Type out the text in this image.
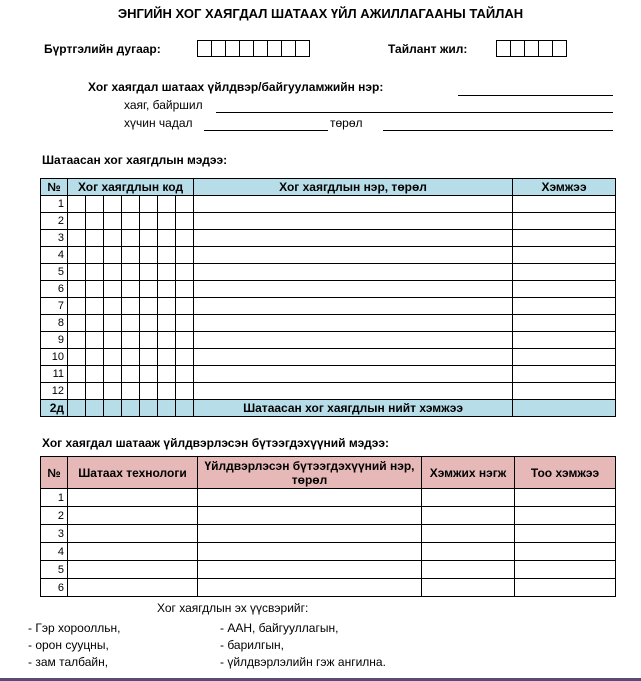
ЭНГИЙН ХОГ ХАЯГДАЛ ШАТААХ ҮЙЛ АЖИЛЛАГААНЫ ТАЙЛАН
Бүртгэлийн дугаар:	Тайлант жил:
Хог хаягдал шатаах үйлдвэр/байгууламжийн нэр:
хаяг, байршил
хүчин чадал	төрөл
Шатаасан хог хаягдлын мэдээ:
№	Хог хаягдлын код							Хог хаягдлын нэр, төрөл	Хэмжээ
1									
2									
3									
4									
5									
6									
7									
8									
9									
10									
11									
12									
2д								Шатаасан хог хаягдлын нийт хэмжээ	
Хог хаягдал шатааж үйлдвэрлэсэн бүтээгдэхүүний мэдээ:
№	Шатаах технологи	Үйлдвэрлэсэн бүтээгдэхүүний нэр, төрөл	Хэмжих нэгж	Тоо хэмжээ
1				
2				
3				
4				
5				
6				
Хог хаягдлын эх үүсвэрийг:
- Гэр хороолльн,
- орон сууцны,
- зам талбайн,
- ААН, байгууллагын,
- барилгын,
- үйлдвэрлэлийн гэж ангилна.
